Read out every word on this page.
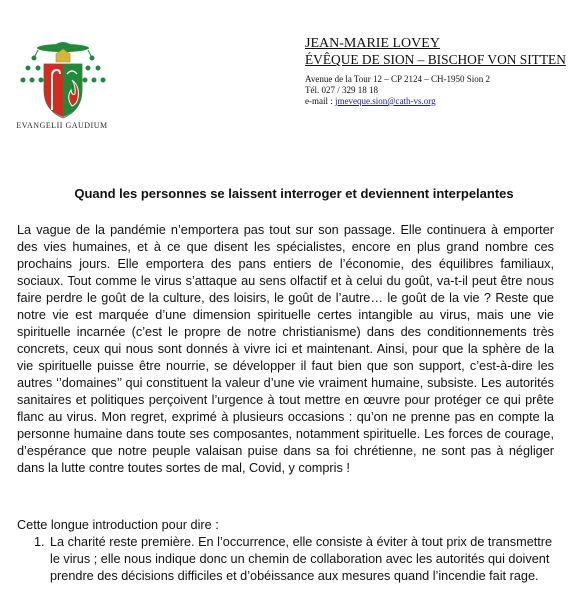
EVANGELII GAUDIUM
JEAN-MARIE LOVEY
ÉVÊQUE DE SION – BISCHOF VON SITTEN
Avenue de la Tour 12 – CP 2124 – CH-1950 Sion 2
Tél. 027 / 329 18 18
e-mail : jmeveque.sion@cath-vs.org
Quand les personnes se laissent interroger et deviennent interpelantes

La vague de la pandémie n’emportera pas tout sur son passage. Elle continuera à emporter des vies humaines, et à ce que disent les spécialistes, encore en plus grand nombre ces prochains jours. Elle emportera des pans entiers de l’économie, des équilibres familiaux, sociaux. Tout comme le virus s’attaque au sens olfactif et à celui du goût, va-t-il peut être nous faire perdre le goût de la culture, des loisirs, le goût de l’autre… le goût de la vie ? Reste que notre vie est marquée d’une dimension spirituelle certes intangible au virus, mais une vie spirituelle incarnée (c’est le propre de notre christianisme) dans des conditionnements très concrets, ceux qui nous sont donnés à vivre ici et maintenant. Ainsi, pour que la sphère de la vie spirituelle puisse être nourrie, se développer il faut bien que son support, c’est-à-dire les autres ‘’domaines’’ qui constituent la valeur d’une vie vraiment humaine, subsiste. Les autorités sanitaires et politiques perçoivent l’urgence à tout mettre en œuvre pour protéger ce qui prête flanc au virus. Mon regret, exprimé à plusieurs occasions : qu’on ne prenne pas en compte la personne humaine dans toute ses composantes, notamment spirituelle. Les forces de courage, d’espérance que notre peuple valaisan puise dans sa foi chrétienne, ne sont pas à négliger dans la lutte contre toutes sortes de mal, Covid, y compris !

Cette longue introduction pour dire :
1. La charité reste première. En l’occurrence, elle consiste à éviter à tout prix de transmettre le virus ; elle nous indique donc un chemin de collaboration avec les autorités qui doivent prendre des décisions difficiles et d’obéissance aux mesures quand l’incendie fait rage.
